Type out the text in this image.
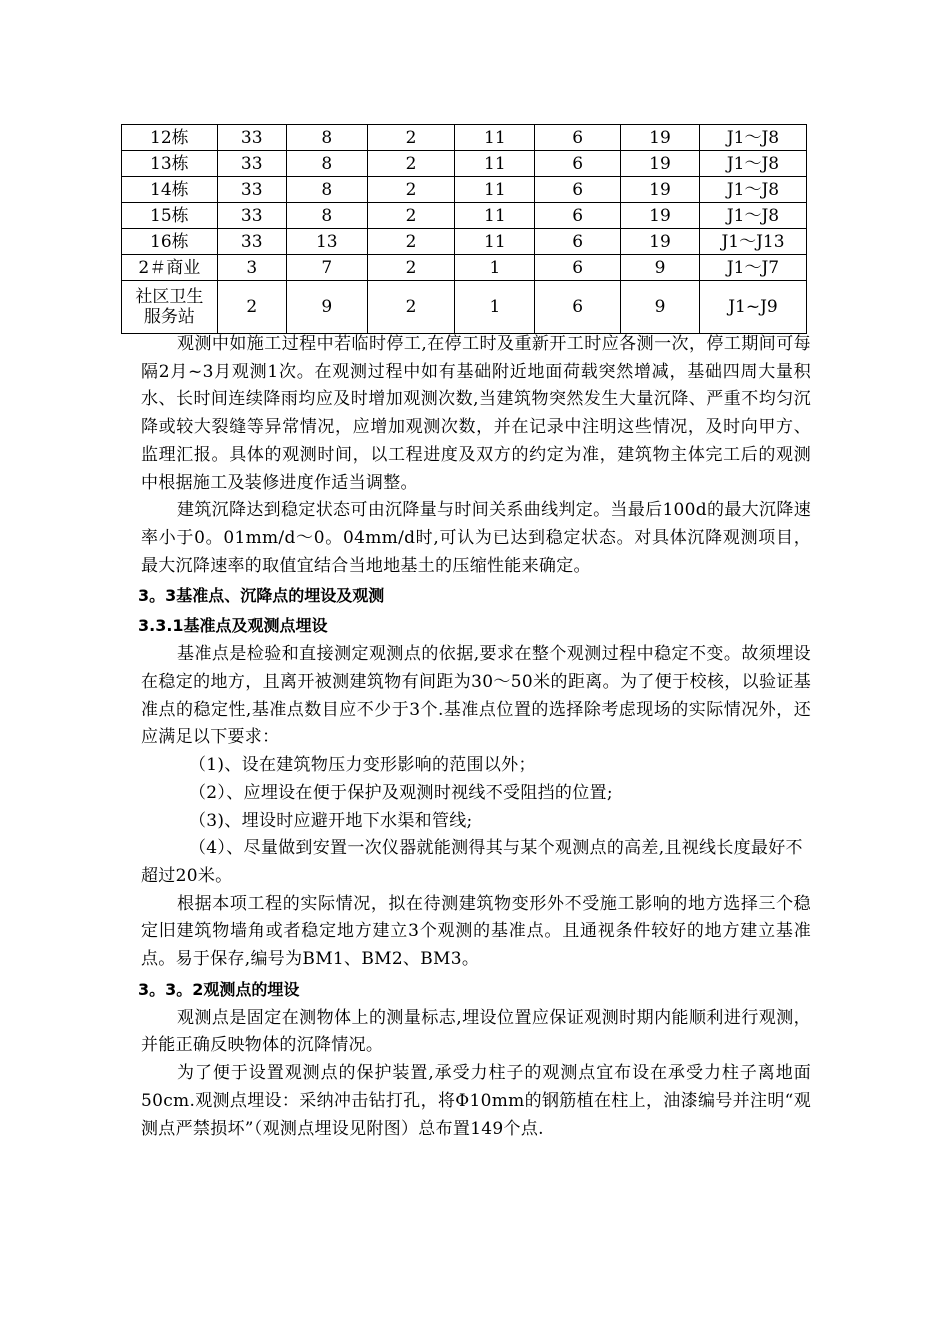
12栋	33	8	2	11	6	19	J1～J8
13栋	33	8	2	11	6	19	J1～J8
14栋	33	8	2	11	6	19	J1～J8
15栋	33	8	2	11	6	19	J1～J8
16栋	33	13	2	11	6	19	J1～J13
2＃商业	3	7	2	1	6	9	J1～J7

社区卫生
服务站	2	9	2	1	6	9	J1~J9

观测中如施工过程中若临时停工,在停工时及重新开工时应各测一次，停工期间可每隔2月~3月观测1次。在观测过程中如有基础附近地面荷载突然增减，基础四周大量积水、长时间连续降雨均应及时增加观测次数,当建筑物突然发生大量沉降、严重不均匀沉降或较大裂缝等异常情况，应增加观测次数，并在记录中注明这些情况，及时向甲方、监理汇报。具体的观测时间，以工程进度及双方的约定为准，建筑物主体完工后的观测中根据施工及装修进度作适当调整。

建筑沉降达到稳定状态可由沉降量与时间关系曲线判定。当最后100d的最大沉降速率小于0。01mm/d～0。04mm/d时,可认为已达到稳定状态。对具体沉降观测项目，最大沉降速率的取值宜结合当地地基土的压缩性能来确定。

3。3基准点、沉降点的埋设及观测
3.3.1基准点及观测点埋设

基准点是检验和直接测定观测点的依据,要求在整个观测过程中稳定不变。故须埋设在稳定的地方，且离开被测建筑物有间距为30～50米的距离。为了便于校核，以验证基准点的稳定性,基准点数目应不少于3个.基准点位置的选择除考虑现场的实际情况外，还应满足以下要求：

（1)、设在建筑物压力变形影响的范围以外；

（2）、应埋设在便于保护及观测时视线不受阻挡的位置;

（3)、埋设时应避开地下水渠和管线;

（4）、尽量做到安置一次仪器就能测得其与某个观测点的高差,且视线长度最好不超过20米。

根据本项工程的实际情况，拟在待测建筑物变形外不受施工影响的地方选择三个稳定旧建筑物墙角或者稳定地方建立3个观测的基准点。且通视条件较好的地方建立基准点。易于保存,编号为BM1、BM2、BM3。

3。3。2观测点的埋设

观测点是固定在测物体上的测量标志,埋设位置应保证观测时期内能顺利进行观测，并能正确反映物体的沉降情况。

为了便于设置观测点的保护装置,承受力柱子的观测点宜布设在承受力柱子离地面50cm.观测点埋设：采纳冲击钻打孔，将Φ10mm的钢筋植在柱上，油漆编号并注明“观测点严禁损坏”（观测点埋设见附图）总布置149个点.
